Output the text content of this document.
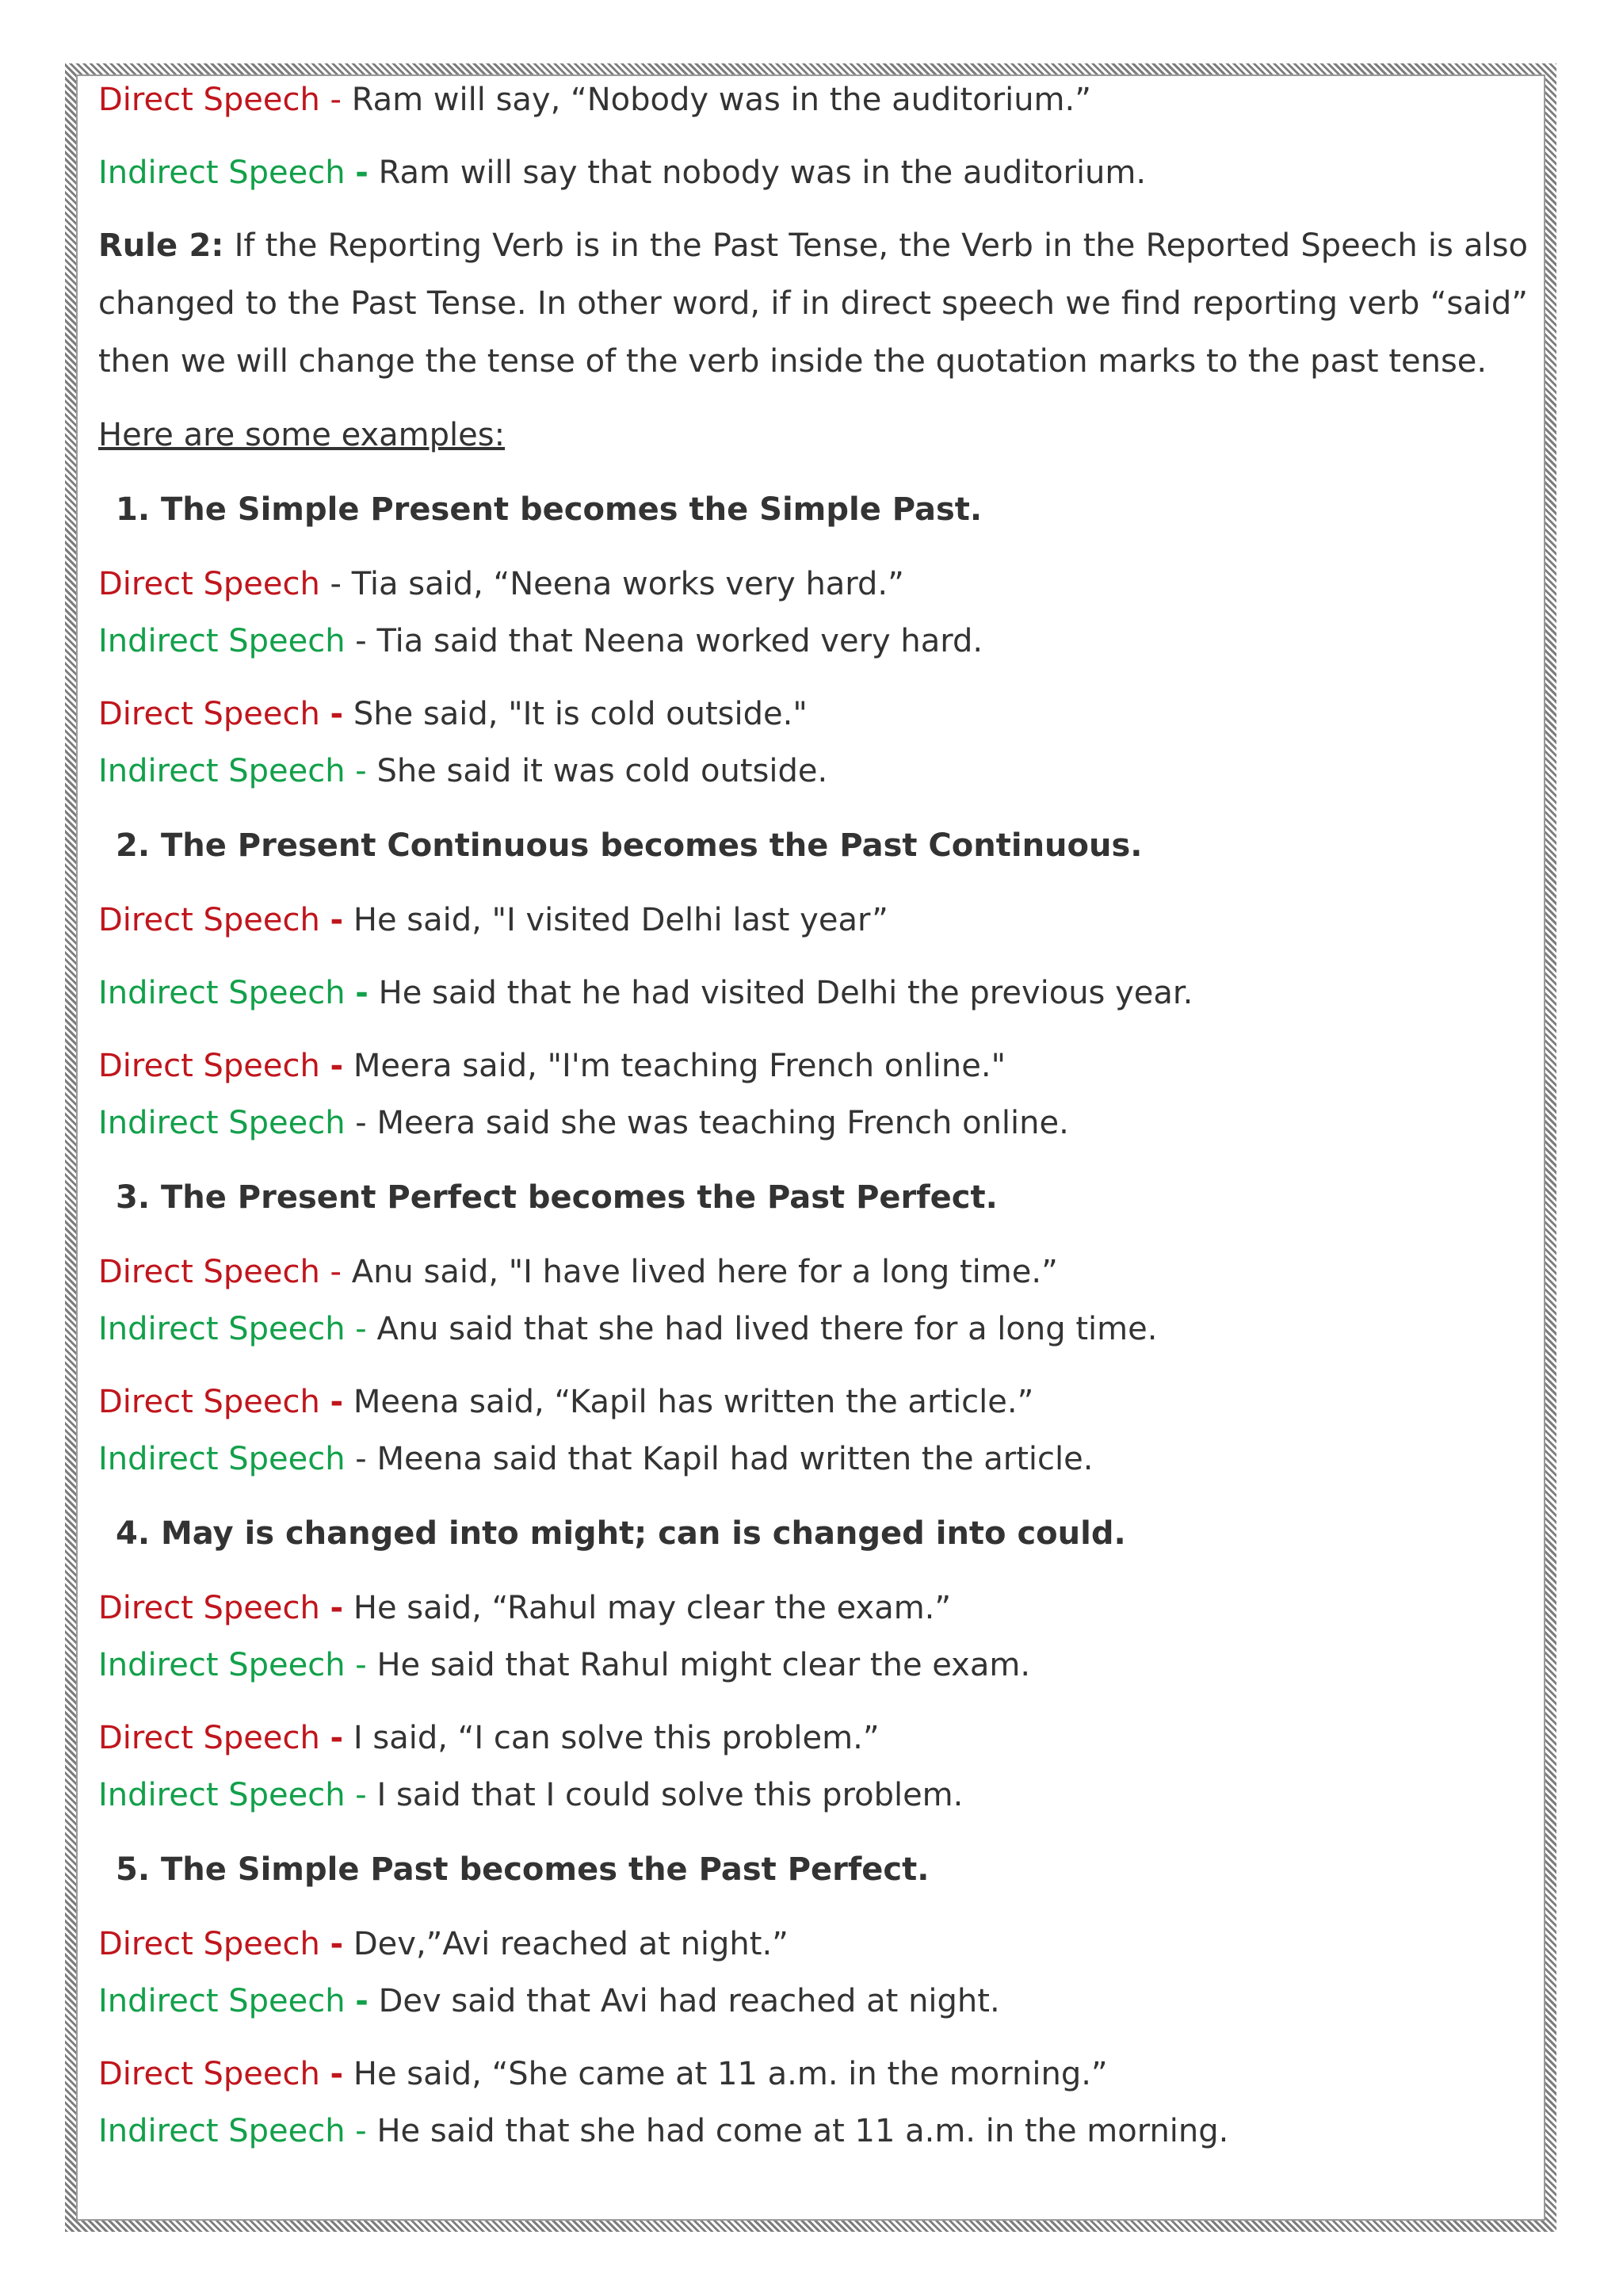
Direct Speech - Ram will say, “Nobody was in the auditorium.”
Indirect Speech - Ram will say that nobody was in the auditorium.

Rule 2: If the Reporting Verb is in the Past Tense, the Verb in the Reported Speech is also changed to the Past Tense. In other word, if in direct speech we find reporting verb “said” then we will change the tense of the verb inside the quotation marks to the past tense.

Here are some examples:
1. The Simple Present becomes the Simple Past.
Direct Speech - Tia said, “Neena works very hard.”
Indirect Speech - Tia said that Neena worked very hard.
Direct Speech - She said, "It is cold outside."
Indirect Speech - She said it was cold outside.
2. The Present Continuous becomes the Past Continuous.
Direct Speech - He said, "I visited Delhi last year”
Indirect Speech - He said that he had visited Delhi the previous year.
Direct Speech - Meera said, "I'm teaching French online."
Indirect Speech - Meera said she was teaching French online.
3. The Present Perfect becomes the Past Perfect.
Direct Speech - Anu said, "I have lived here for a long time.”
Indirect Speech - Anu said that she had lived there for a long time.
Direct Speech - Meena said, “Kapil has written the article.”
Indirect Speech - Meena said that Kapil had written the article.
4. May is changed into might; can is changed into could.
Direct Speech - He said, “Rahul may clear the exam.”
Indirect Speech - He said that Rahul might clear the exam.
Direct Speech - I said, “I can solve this problem.”
Indirect Speech - I said that I could solve this problem.
5. The Simple Past becomes the Past Perfect.
Direct Speech - Dev,”Avi reached at night.”
Indirect Speech - Dev said that Avi had reached at night.
Direct Speech - He said, “She came at 11 a.m. in the morning.”
Indirect Speech - He said that she had come at 11 a.m. in the morning.
